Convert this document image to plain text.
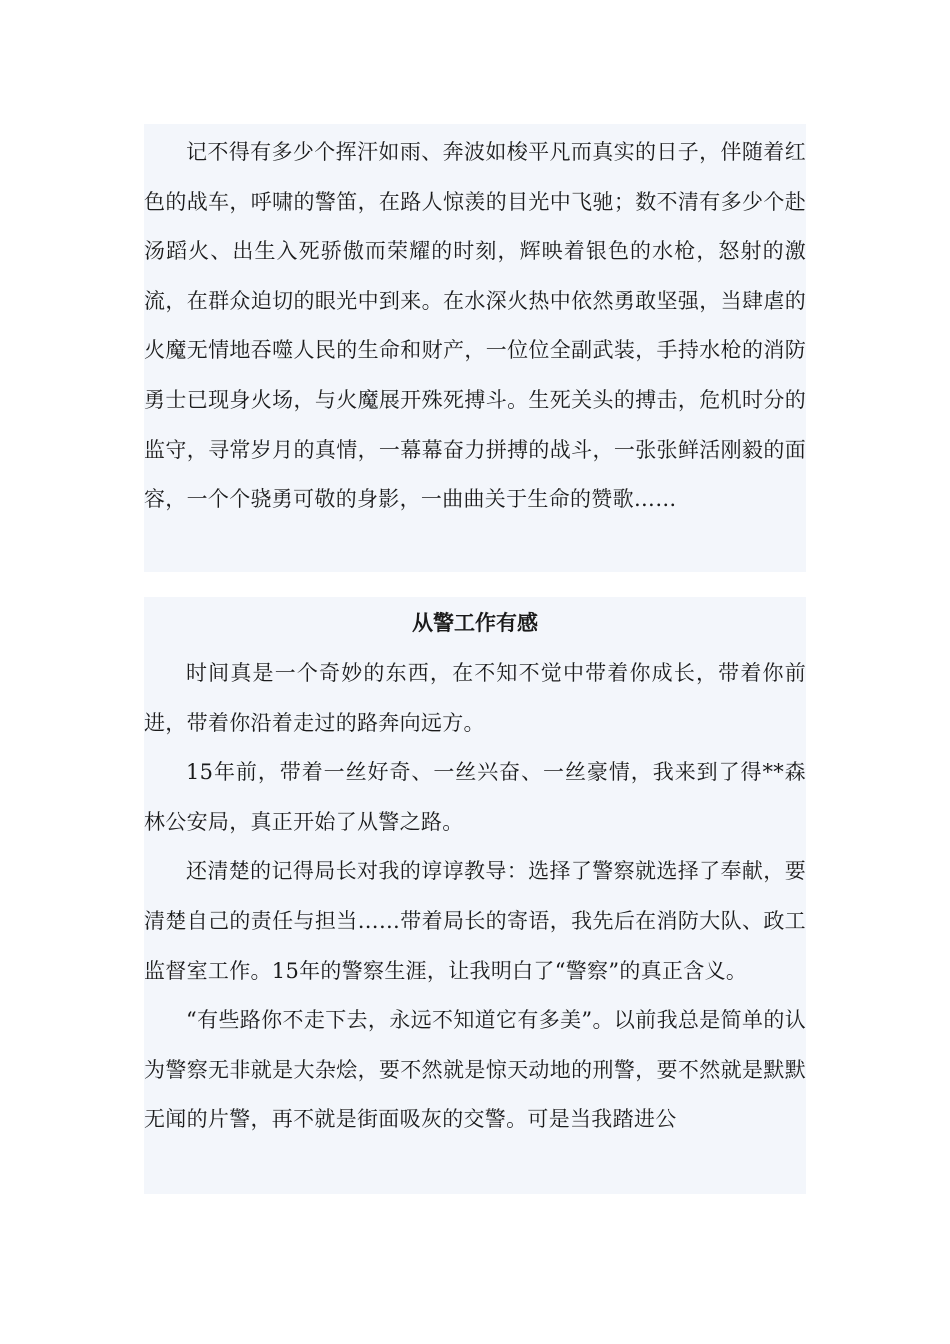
记不得有多少个挥汗如雨、奔波如梭平凡而真实的日子，伴随着红色的战车，呼啸的警笛，在路人惊羡的目光中飞驰；数不清有多少个赴汤蹈火、出生入死骄傲而荣耀的时刻，辉映着银色的水枪，怒射的激流，在群众迫切的眼光中到来。在水深火热中依然勇敢坚强，当肆虐的火魔无情地吞噬人民的生命和财产，一位位全副武装，手持水枪的消防勇士已现身火场，与火魔展开殊死搏斗。生死关头的搏击，危机时分的监守，寻常岁月的真情，一幕幕奋力拼搏的战斗，一张张鲜活刚毅的面容，一个个骁勇可敬的身影，一曲曲关于生命的赞歌……

从警工作有感

时间真是一个奇妙的东西，在不知不觉中带着你成长，带着你前进，带着你沿着走过的路奔向远方。

15年前，带着一丝好奇、一丝兴奋、一丝豪情，我来到了得**森林公安局，真正开始了从警之路。

还清楚的记得局长对我的谆谆教导：选择了警察就选择了奉献，要清楚自己的责任与担当……带着局长的寄语，我先后在消防大队、政工监督室工作。15年的警察生涯，让我明白了“警察”的真正含义。

“有些路你不走下去，永远不知道它有多美”。以前我总是简单的认为警察无非就是大杂烩，要不然就是惊天动地的刑警，要不然就是默默无闻的片警，再不就是街面吸灰的交警。可是当我踏进公
